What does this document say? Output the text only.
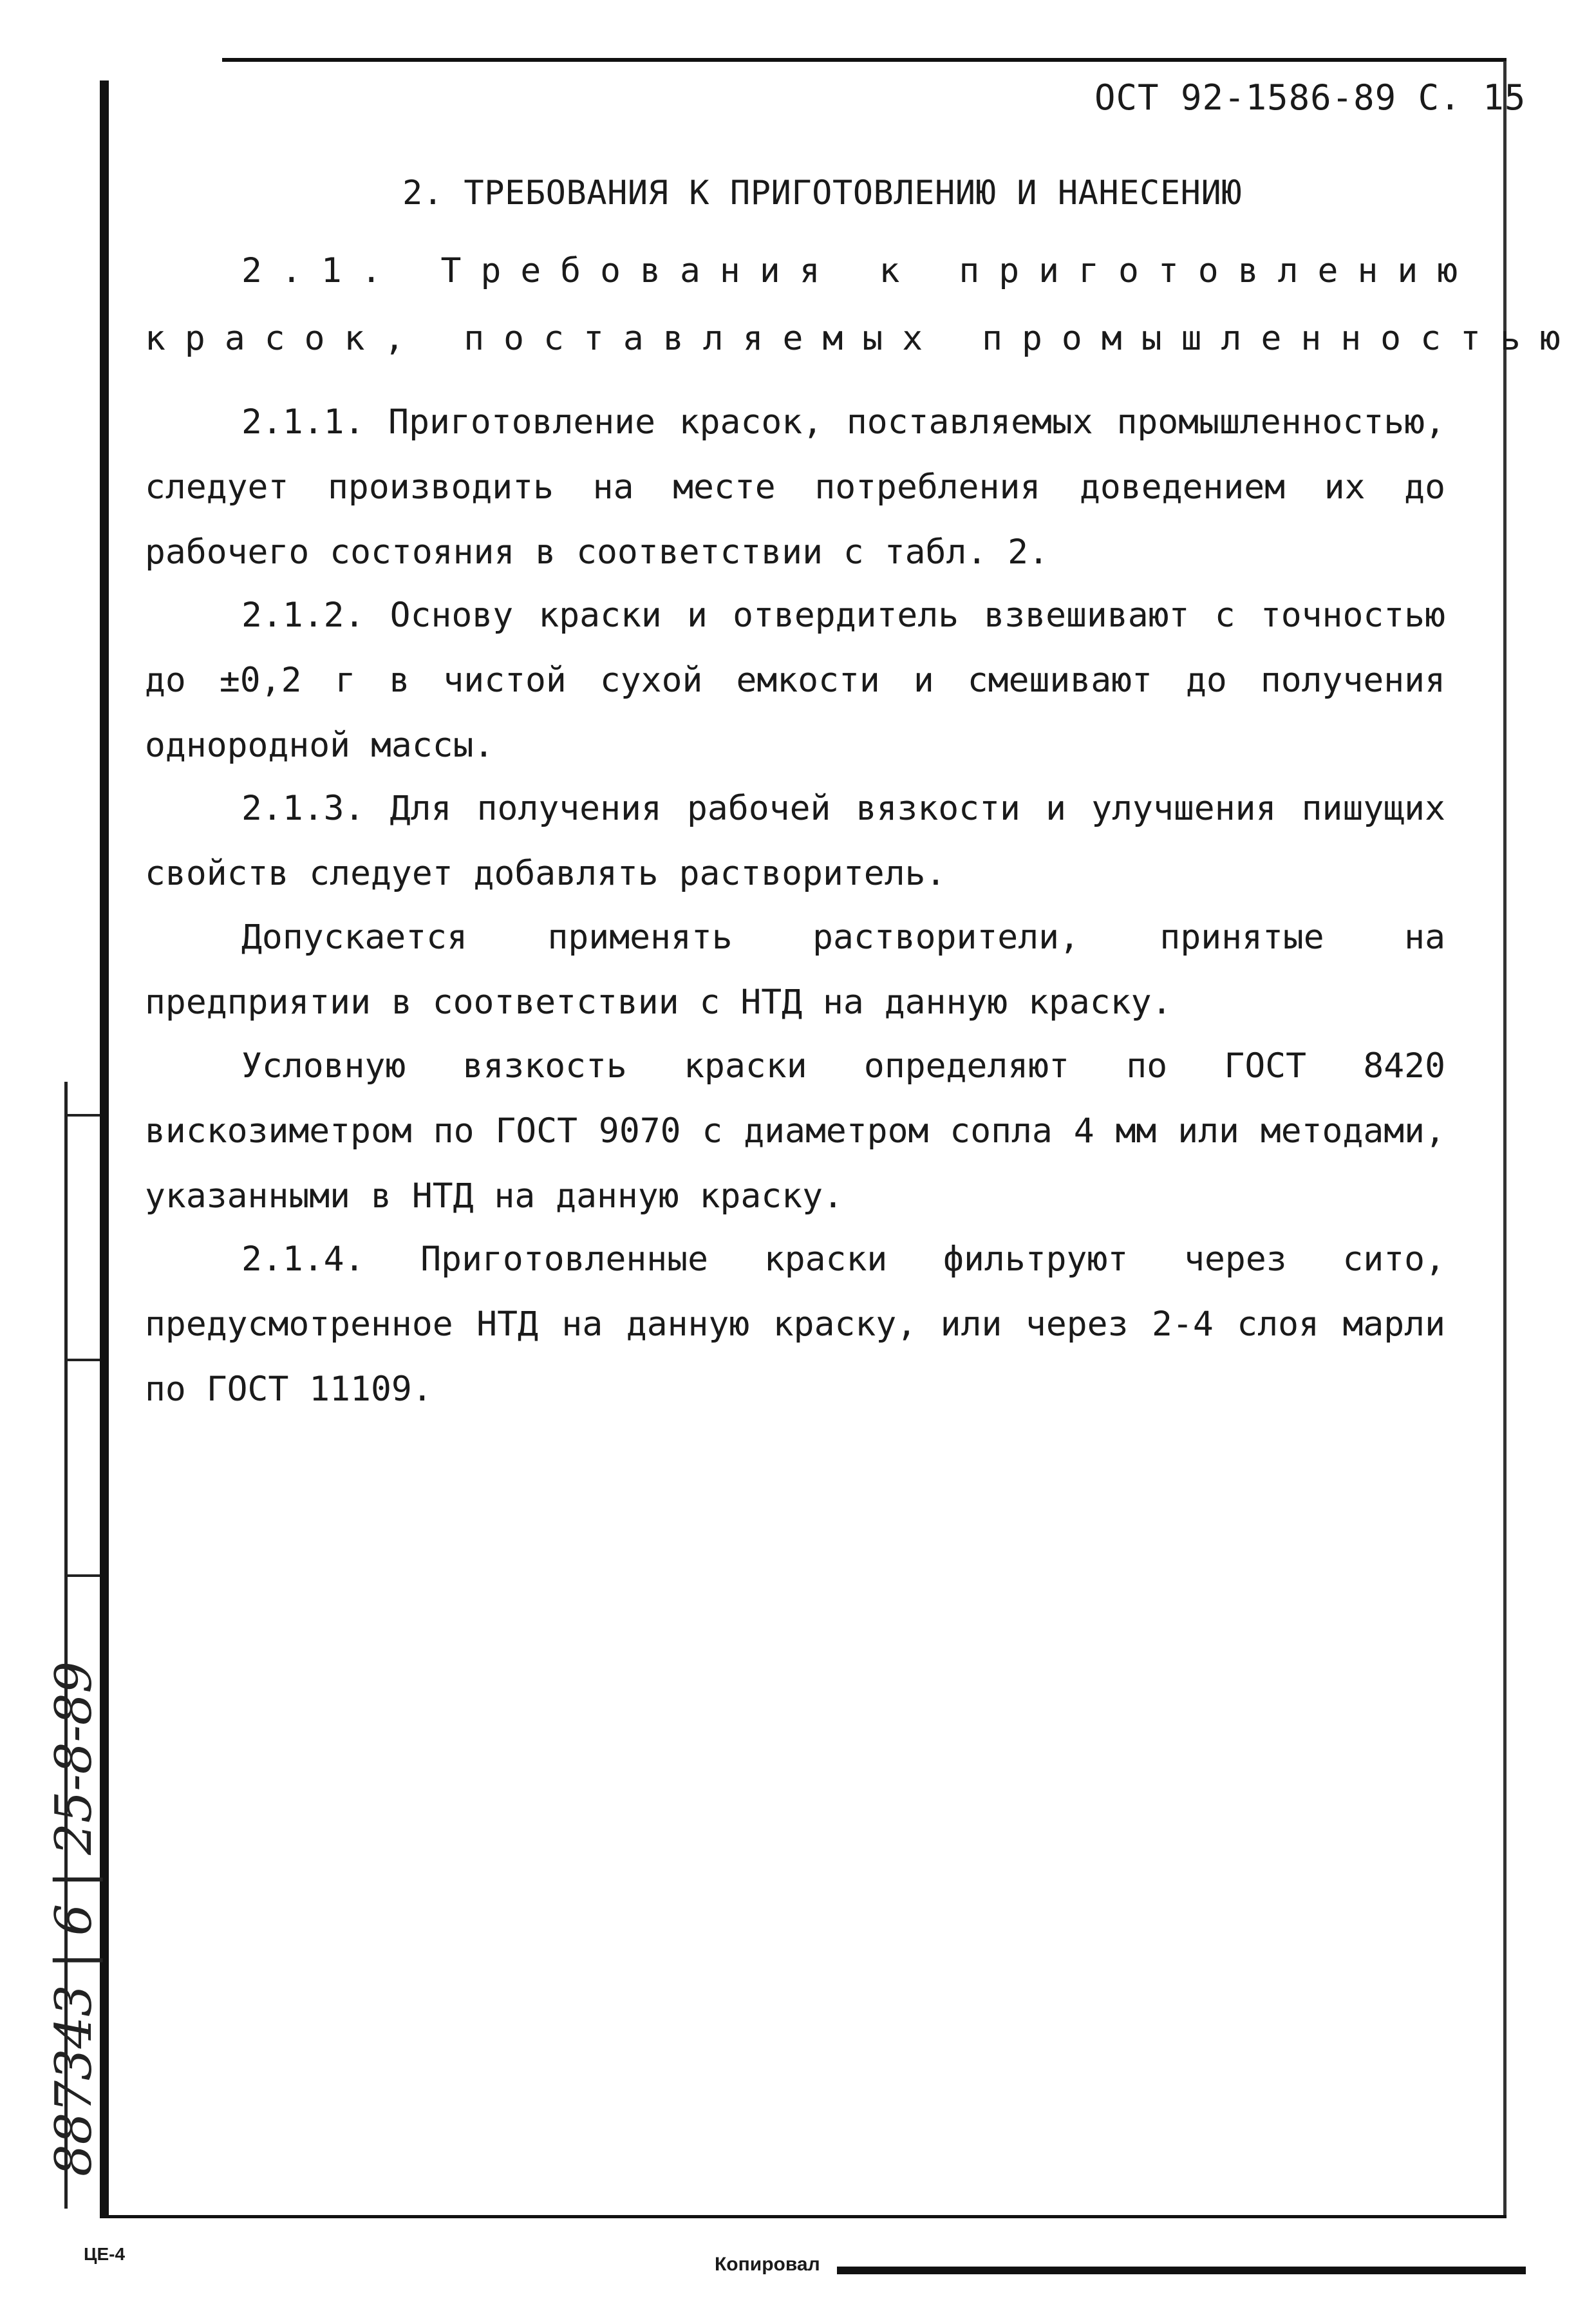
ОСТ 92-1586-89 С. 15
2. ТРЕБОВАНИЯ К ПРИГОТОВЛЕНИЮ И НАНЕСЕНИЮ
2.1. Требования к приготовлению
красок, поставляемых промышленностью
2.1.1. Приготовление красок, поставляемых промышленностью, следует производить на месте потребления доведением их до рабочего состояния в соответствии с табл. 2.
2.1.2. Основу краски и отвердитель взвешивают с точностью до ±0,2 г в чистой сухой емкости и смешивают до получения однородной массы.
2.1.3. Для получения рабочей вязкости и улучшения пишущих свойств следует добавлять растворитель.
Допускается применять растворители, принятые на предприятии в соответствии с НТД на данную краску.
Условную вязкость краски определяют по ГОСТ 8420 вискозиметром по ГОСТ 9070 с диаметром сопла 4 мм или методами, указанными в НТД на данную краску.
2.1.4. Приготовленные краски фильтруют через сито, предусмотренное НТД на данную краску, или через 2-4 слоя марли по ГОСТ 11109.
887343 | 6 | 25-8-89
ЦЕ-4	Копировал
